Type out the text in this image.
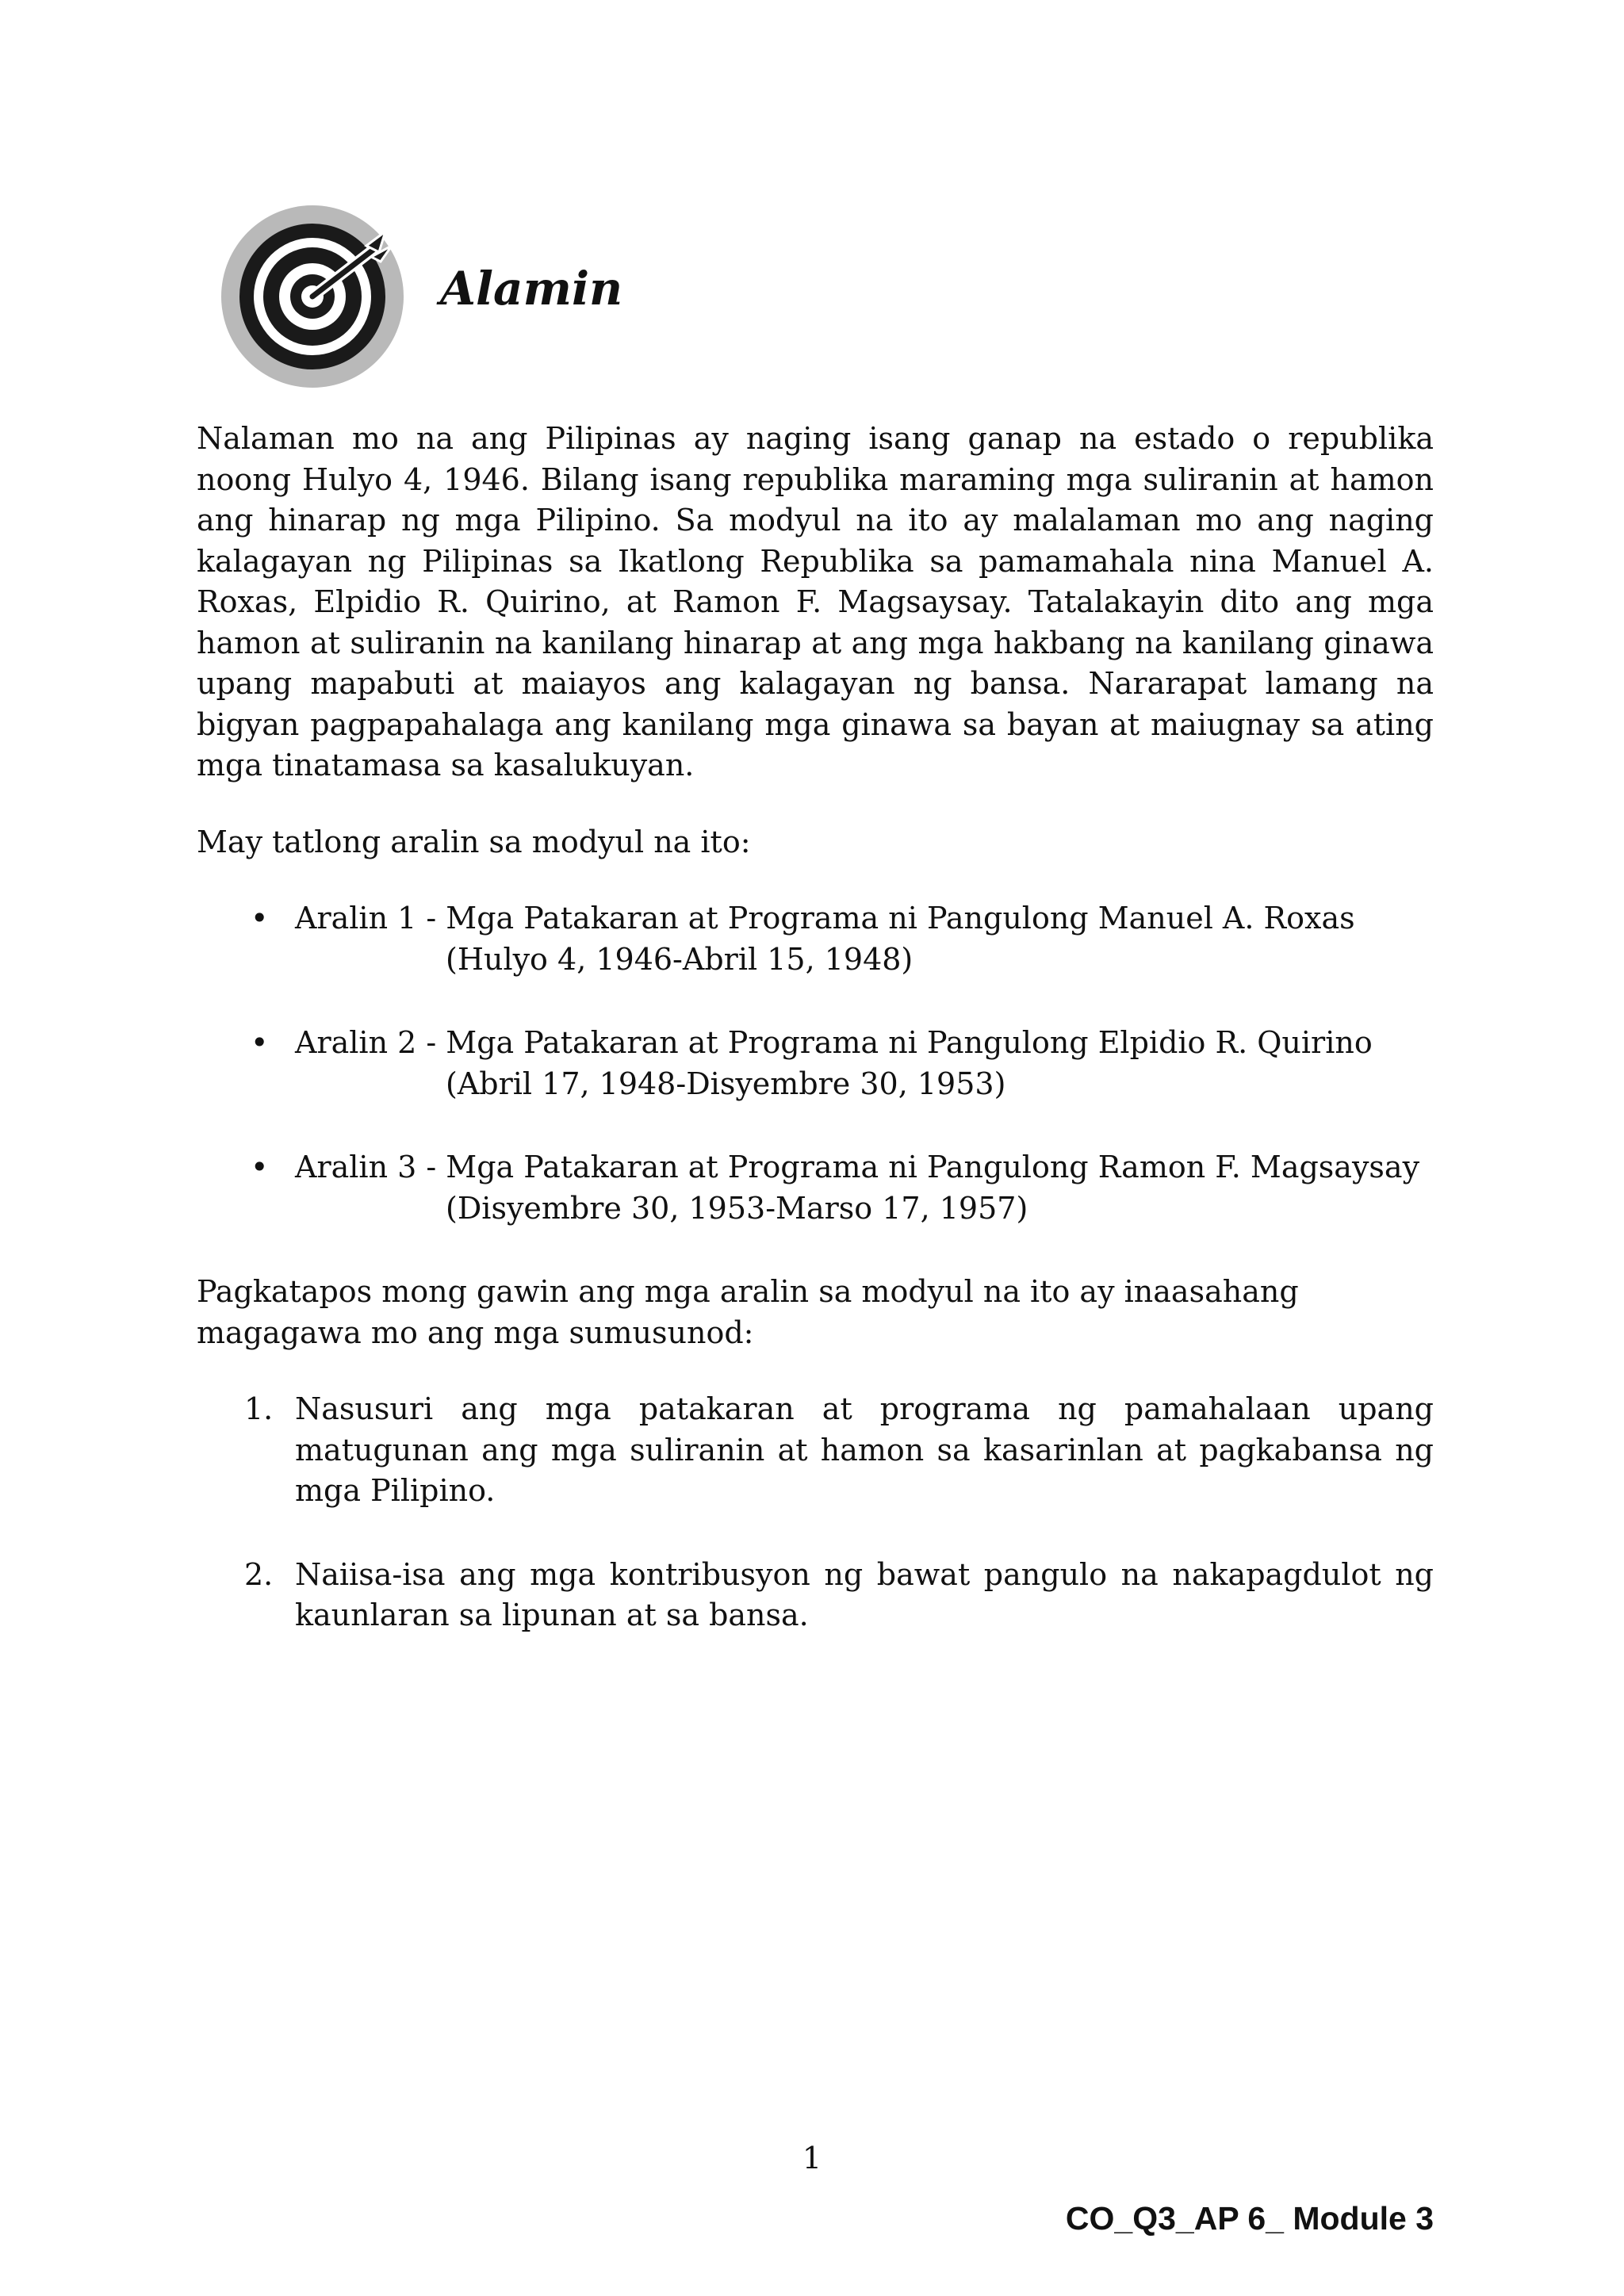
Alamin

Nalaman mo na ang Pilipinas ay naging isang ganap na estado o republika noong Hulyo 4, 1946. Bilang isang republika maraming mga suliranin at hamon ang hinarap ng mga Pilipino. Sa modyul na ito ay malalaman mo ang naging kalagayan ng Pilipinas sa Ikatlong Republika sa pamamahala nina Manuel A. Roxas, Elpidio R. Quirino, at Ramon F. Magsaysay. Tatalakayin dito ang mga hamon at suliranin na kanilang hinarap at ang mga hakbang na kanilang ginawa upang mapabuti at maiayos ang kalagayan ng bansa. Nararapat lamang na bigyan pagpapahalaga ang kanilang mga ginawa sa bayan at maiugnay sa ating mga tinatamasa sa kasalukuyan.

May tatlong aralin sa modyul na ito:

• Aralin 1 - Mga Patakaran at Programa ni Pangulong Manuel A. Roxas
(Hulyo 4, 1946-Abril 15, 1948)
• Aralin 2 - Mga Patakaran at Programa ni Pangulong Elpidio R. Quirino
(Abril 17, 1948-Disyembre 30, 1953)
• Aralin 3 - Mga Patakaran at Programa ni Pangulong Ramon F. Magsaysay
(Disyembre 30, 1953-Marso 17, 1957)

Pagkatapos mong gawin ang mga aralin sa modyul na ito ay inaasahang magagawa mo ang mga sumusunod:

1. Nasusuri ang mga patakaran at programa ng pamahalaan upang matugunan ang mga suliranin at hamon sa kasarinlan at pagkabansa ng mga Pilipino.
2. Naiisa-isa ang mga kontribusyon ng bawat pangulo na nakapagdulot ng kaunlaran sa lipunan at sa bansa.
1
CO_Q3_AP 6_ Module 3
